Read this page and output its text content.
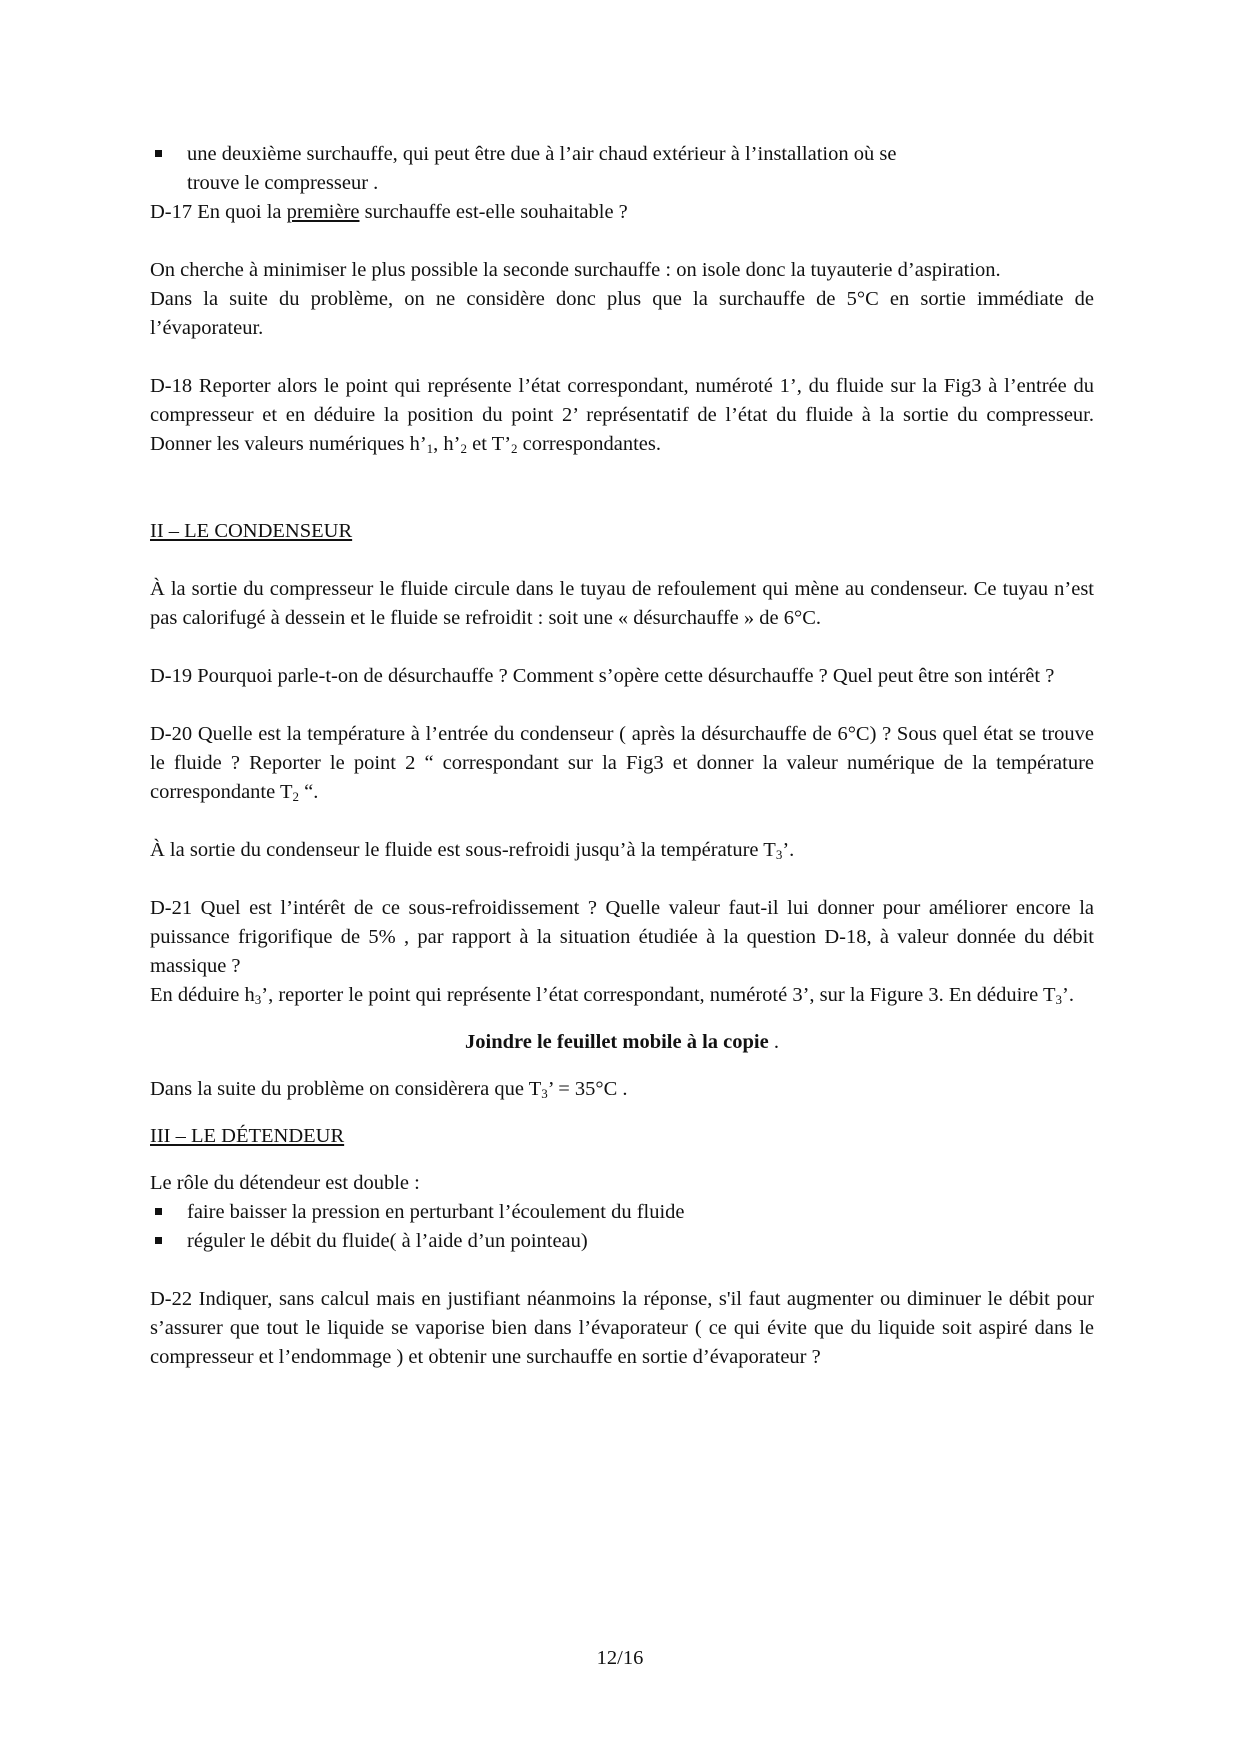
une deuxième surchauffe, qui peut être due à l’air chaud extérieur à l’installation où se
trouve le compresseur .

D-17 En quoi la première surchauffe est-elle souhaitable ?

On cherche à minimiser le plus possible la seconde surchauffe : on isole donc la tuyauterie d’aspiration.

Dans la suite du problème, on ne considère donc plus que la surchauffe de 5°C en sortie immédiate de l’évaporateur.

D-18 Reporter alors le point qui représente l’état correspondant, numéroté 1’, du fluide sur la Fig3 à l’entrée du compresseur et en déduire la position du point 2’ représentatif de l’état du fluide à la sortie du compresseur. Donner les valeurs numériques $h’_1$, $h’_2$ et $T’_2$ correspondantes.

II – LE CONDENSEUR

À la sortie du compresseur le fluide circule dans le tuyau de refoulement qui mène au condenseur. Ce tuyau n’est pas calorifugé à dessein et le fluide se refroidit : soit une « désurchauffe » de 6°C.

D-19 Pourquoi parle-t-on de désurchauffe ? Comment s’opère cette désurchauffe ? Quel peut être son intérêt ?

D-20 Quelle est la température à l’entrée du condenseur ( après la désurchauffe de 6°C) ? Sous quel état se trouve le fluide ? Reporter le point 2 “ correspondant sur la Fig3 et donner la valeur numérique de la température correspondante $T_2$ “.

À la sortie du condenseur le fluide est sous-refroidi jusqu’à la température $T_3$’.

D-21 Quel est l’intérêt de ce sous-refroidissement ? Quelle valeur faut-il lui donner pour améliorer encore la puissance frigorifique de 5% , par rapport à la situation étudiée à la question D-18, à valeur donnée du débit massique ?

En déduire $h_3$’, reporter le point qui représente l’état correspondant, numéroté 3’, sur la Figure 3. En déduire $T_3$’.

Joindre le feuillet mobile à la copie .

Dans la suite du problème on considèrera que $T_3$’ = 35°C .

III – LE DÉTENDEUR

Le rôle du détendeur est double :

faire baisser la pression en perturbant l’écoulement du fluide
réguler le débit du fluide( à l’aide d’un pointeau)

D-22 Indiquer, sans calcul mais en justifiant néanmoins la réponse, s'il faut augmenter ou diminuer le débit pour s’assurer que tout le liquide se vaporise bien dans l’évaporateur ( ce qui évite que du liquide soit aspiré dans le compresseur et l’endommage ) et obtenir une surchauffe en sortie d’évaporateur ?

12/16
